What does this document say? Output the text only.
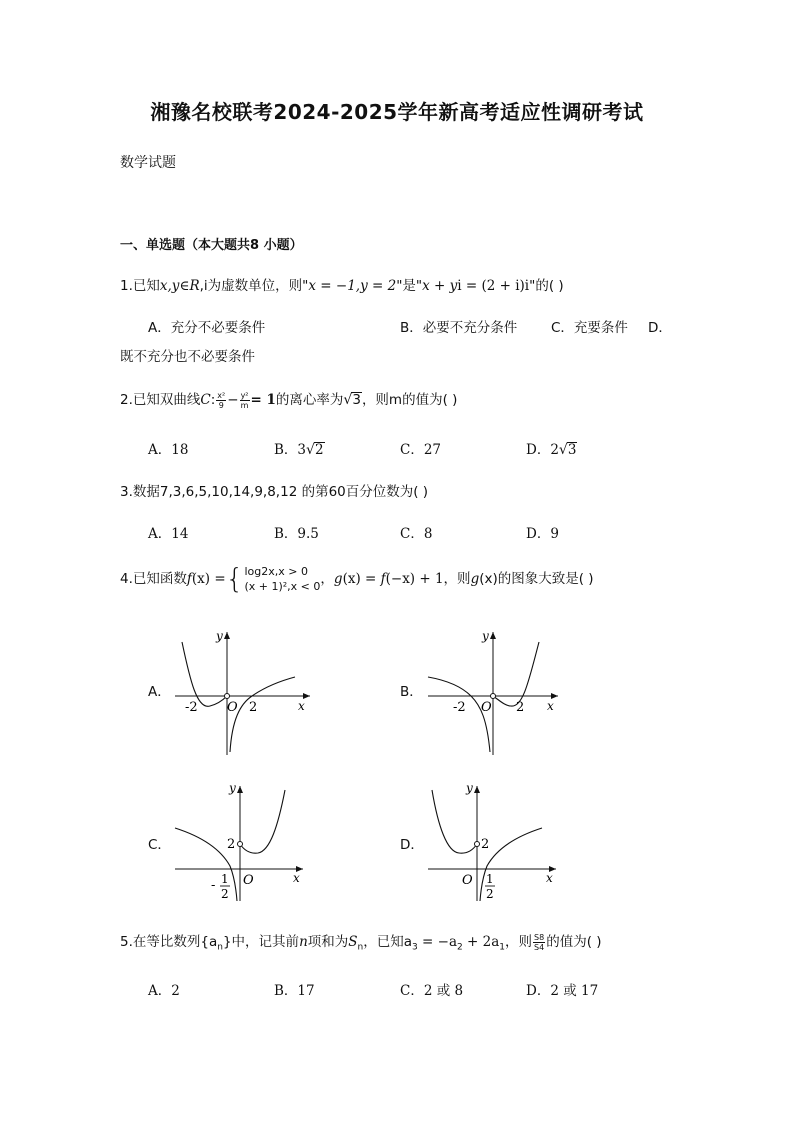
湘豫名校联考2024-2025学年新高考适应性调研考试
数学试题
一、单选题（本大题共8 小题）
1.已知x,y∈R,i为虚数单位，则"x = −1,y = 2"是"x + yi = (2 + i)i"的( )
A．充分不必要条件	B．必要不充分条件 C．充要条件 D．
既不充分也不必要条件
2.已知双曲线C: $\frac{\text{x²}}{9} - \frac{\text{y²}}{m} = 1$的离心率为√3，则m的值为( )
A．18	B．3√2	C．27	D．2√3
3.数据7,3,6,5,10,14,9,8,12 的第60百分位数为( )
A．14	B．9.5	C．8	D．9
4.已知函数f(x) ={ log2x,x > 0
(x + 1)²,x < 0 ，g(x) = f(−x) + 1，则g(x)的图象大致是( )
A．	B．
C．	D．
y
x
O
-2	2
y
x
O
-2	2
y
x
O
2
- 1
2
y
x
O
2
1
2
5.在等比数列$\{a_n\}$中，记其前n项和为$S_n$，已知$a_3 = -a_2 + 2a_1$，则 $\frac{S8}{S4}$ 的值为( )
A．2	B．17	C．2 或 8	D．2 或 17
